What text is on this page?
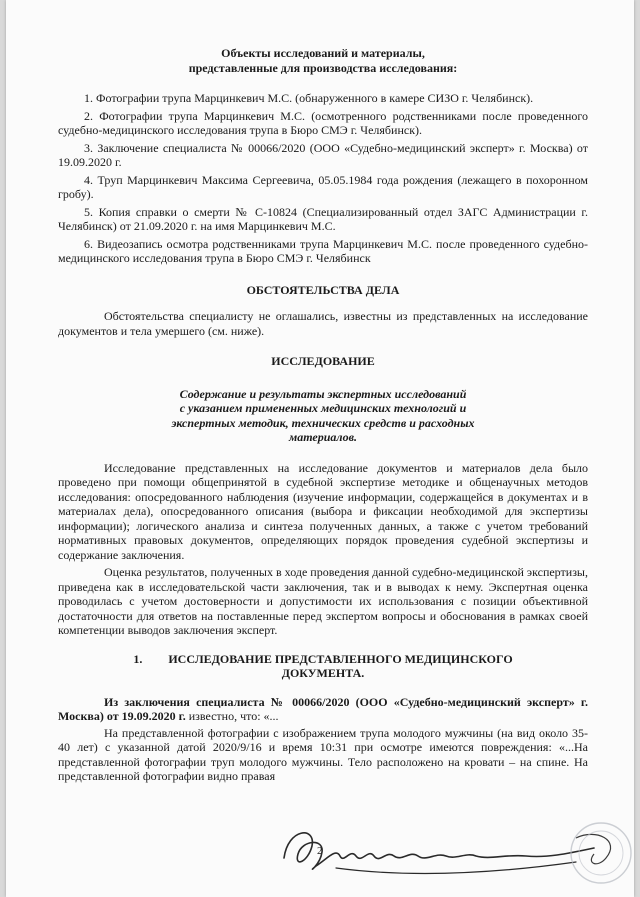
Объекты исследований и материалы,
представленные для производства исследования:

1. Фотографии трупа Марцинкевич М.С. (обнаруженного в камере СИЗО г. Челябинск).
2. Фотографии трупа Марцинкевич М.С. (осмотренного родственниками после проведенного судебно-медицинского исследования трупа в Бюро СМЭ г. Челябинск).
3. Заключение специалиста № 00066/2020 (ООО «Судебно-медицинский эксперт» г. Москва) от 19.09.2020 г.
4. Труп Марцинкевич Максима Сергеевича, 05.05.1984 года рождения (лежащего в похоронном гробу).
5. Копия справки о смерти № С-10824 (Специализированный отдел ЗАГС Администрации г. Челябинск) от 21.09.2020 г. на имя Марцинкевич М.С.
6. Видеозапись осмотра родственниками трупа Марцинкевич М.С. после проведенного судебно-медицинского исследования трупа в Бюро СМЭ г. Челябинск

ОБСТОЯТЕЛЬСТВА ДЕЛА

Обстоятельства специалисту не оглашались, известны из представленных на исследование документов и тела умершего (см. ниже).

ИССЛЕДОВАНИЕ

Содержание и результаты экспертных исследований
с указанием примененных медицинских технологий и
экспертных методик, технических средств и расходных
материалов.

Исследование представленных на исследование документов и материалов дела было проведено при помощи общепринятой в судебной экспертизе методике и общенаучных методов исследования: опосредованного наблюдения (изучение информации, содержащейся в документах и в материалах дела), опосредованного описания (выбора и фиксации необходимой для экспертизы информации); логического анализа и синтеза полученных данных, а также с учетом требований нормативных правовых документов, определяющих порядок проведения судебной экспертизы и содержание заключения.

Оценка результатов, полученных в ходе проведения данной судебно-медицинской экспертизы, приведена как в исследовательской части заключения, так и в выводах к нему. Экспертная оценка проводилась с учетом достоверности и допустимости их использования с позиции объективной достаточности для ответов на поставленные перед экспертом вопросы и обоснования в рамках своей компетенции выводов заключения эксперт.

1. ИССЛЕДОВАНИЕ ПРЕДСТАВЛЕННОГО МЕДИЦИНСКОГО
ДОКУМЕНТА.

Из заключения специалиста № 00066/2020 (ООО «Судебно-медицинский эксперт» г. Москва) от 19.09.2020 г. известно, что: «...

На представленной фотографии с изображением трупа молодого мужчины (на вид около 35-40 лет) с указанной датой 2020/9/16 и время 10:31 при осмотре имеются повреждения: «...На представленной фотографии труп молодого мужчины. Тело расположено на кровати – на спине. На представленной фотографии видно правая

2
